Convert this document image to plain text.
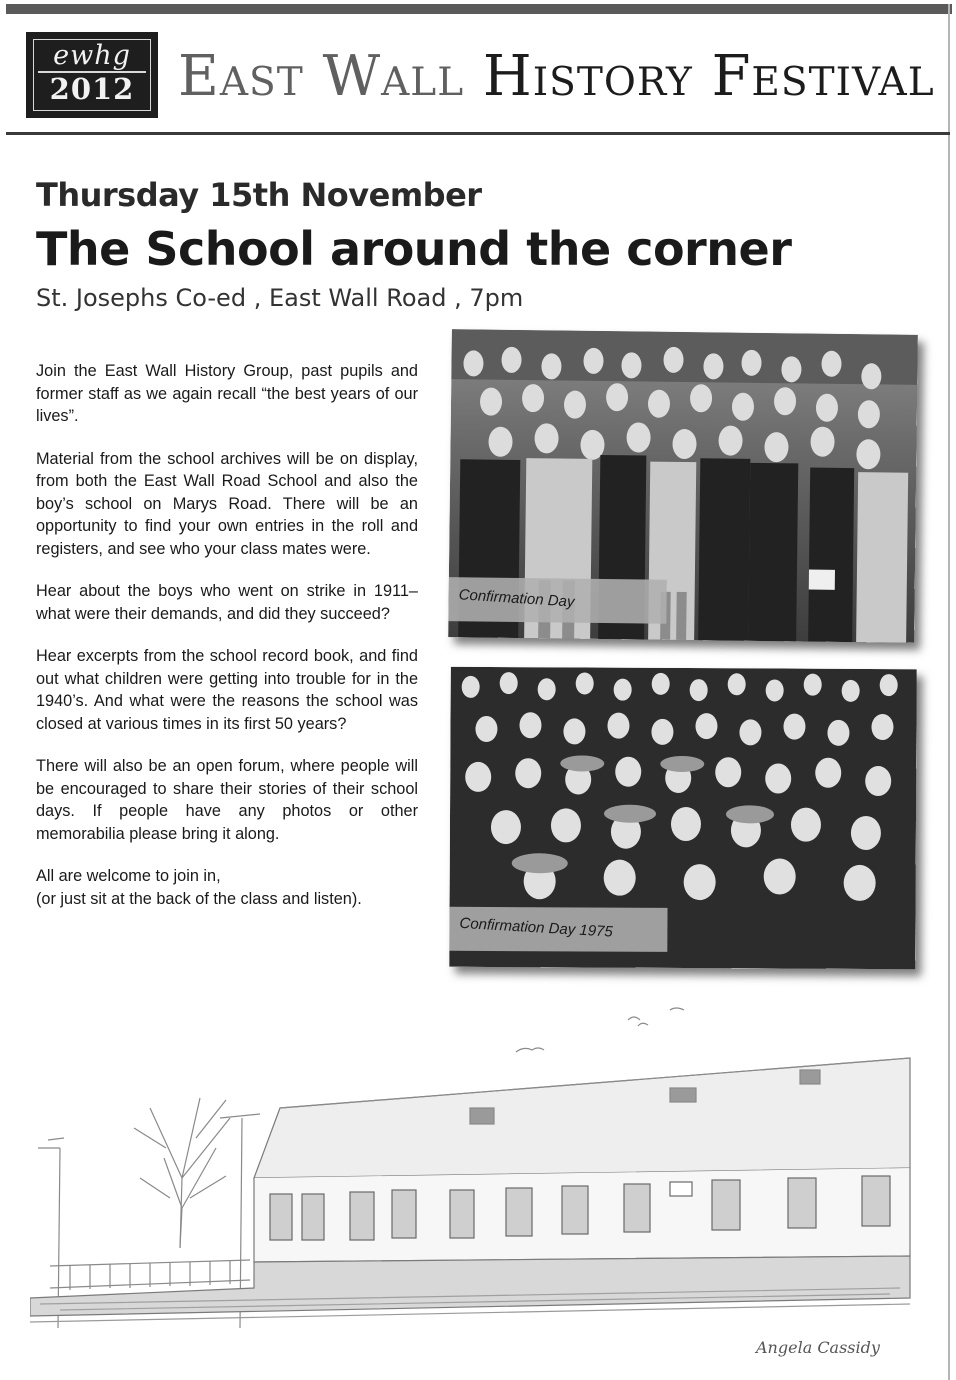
ewhg
2012 East Wall History Festival
Thursday 15th November
The School around the corner
St. Josephs Co-ed , East Wall Road , 7pm

Join the East Wall History Group, past pupils and former staff as we again recall “the best years of our lives”.

Material from the school archives will be on display, from both the East Wall Road School and also the boy’s school on Marys Road. There will be an opportunity to find your own entries in the roll and registers, and see who your class mates were.

Hear about the boys who went on strike in 1911– what were their demands, and did they succeed?

Hear excerpts from the school record book, and find out what children were getting into trouble for in the 1940’s. And what were the reasons the school was closed at various times in its first 50 years?

There will also be an open forum, where people will be encouraged to share their stories of their school days. If people have any photos or other memorabilia please bring it along.

All are welcome to join in,
(or just sit at the back of the class and listen).

Confirmation Day
Confirmation Day 1975
Angela Cassidy
